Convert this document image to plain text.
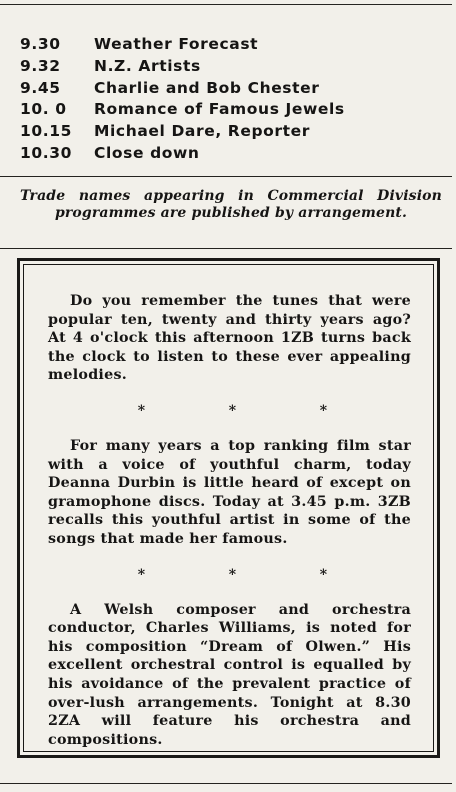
9.30	Weather Forecast
9.32	N.Z. Artists
9.45	Charlie and Bob Chester
10. 0	Romance of Famous Jewels
10.15	Michael Dare, Reporter
10.30	Close down
Trade names appearing in Commercial Division programmes are published by arrangement.

Do you remember the tunes that were popular ten, twenty and thirty years ago? At 4 o'clock this afternoon 1ZB turns back the clock to listen to these ever appealing melodies.

*	*	*

For many years a top ranking film star with a voice of youthful charm, today Deanna Durbin is little heard of except on gramophone discs. Today at 3.45 p.m. 3ZB recalls this youthful artist in some of the songs that made her famous.

*	*	*

A Welsh composer and orchestra conductor, Charles Williams, is noted for his composition “Dream of Olwen.” His excellent orchestral control is equalled by his avoidance of the prevalent practice of over-lush arrangements. Tonight at 8.30 2ZA will feature his orchestra and compositions.
